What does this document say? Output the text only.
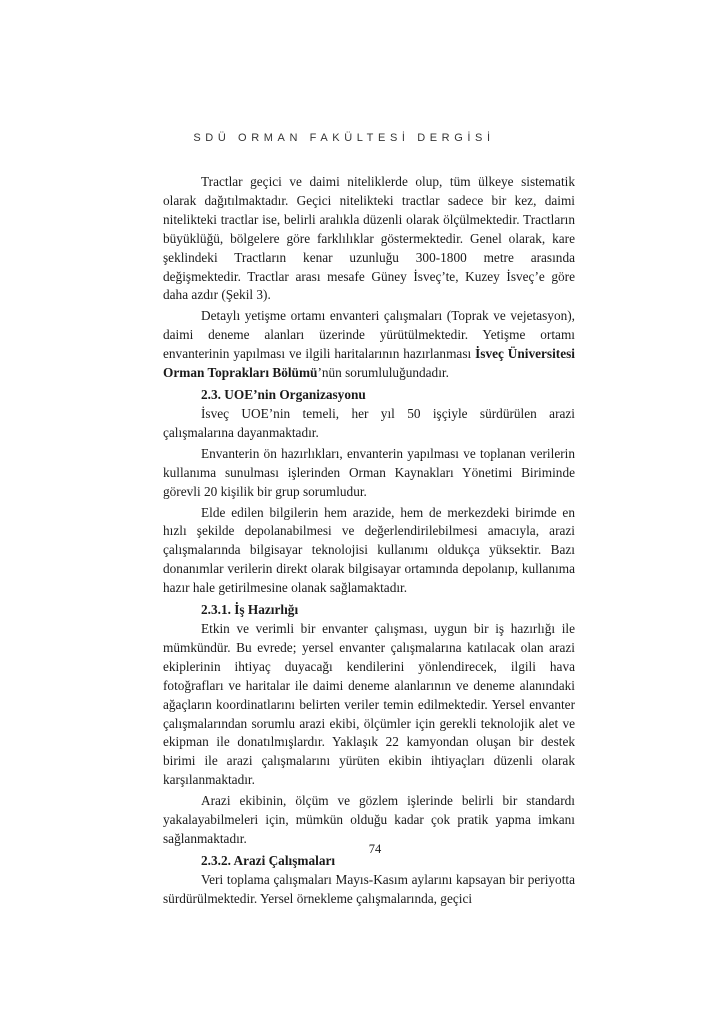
SDÜ ORMAN FAKÜLTESİ DERGİSİ

Tractlar geçici ve daimi niteliklerde olup, tüm ülkeye sistematik olarak dağıtılmaktadır. Geçici nitelikteki tractlar sadece bir kez, daimi nitelikteki tractlar ise, belirli aralıkla düzenli olarak ölçülmektedir. Tractların büyüklüğü, bölgelere göre farklılıklar göstermektedir. Genel olarak, kare şeklindeki Tractların kenar uzunluğu 300-1800 metre arasında değişmektedir. Tractlar arası mesafe Güney İsveç’te, Kuzey İsveç’e göre daha azdır (Şekil 3).

Detaylı yetişme ortamı envanteri çalışmaları (Toprak ve vejetasyon), daimi deneme alanları üzerinde yürütülmektedir. Yetişme ortamı envanterinin yapılması ve ilgili haritalarının hazırlanması İsveç Üniversitesi Orman Toprakları Bölümü’nün sorumluluğundadır.

2.3. UOE’nin Organizasyonu

İsveç UOE’nin temeli, her yıl 50 işçiyle sürdürülen arazi çalışmalarına dayanmaktadır.

Envanterin ön hazırlıkları, envanterin yapılması ve toplanan verilerin kullanıma sunulması işlerinden Orman Kaynakları Yönetimi Biriminde görevli 20 kişilik bir grup sorumludur.

Elde edilen bilgilerin hem arazide, hem de merkezdeki birimde en hızlı şekilde depolanabilmesi ve değerlendirilebilmesi amacıyla, arazi çalışmalarında bilgisayar teknolojisi kullanımı oldukça yüksektir. Bazı donanımlar verilerin direkt olarak bilgisayar ortamında depolanıp, kullanıma hazır hale getirilmesine olanak sağlamaktadır.

2.3.1. İş Hazırlığı

Etkin ve verimli bir envanter çalışması, uygun bir iş hazırlığı ile mümkündür. Bu evrede; yersel envanter çalışmalarına katılacak olan arazi ekiplerinin ihtiyaç duyacağı kendilerini yönlendirecek, ilgili hava fotoğrafları ve haritalar ile daimi deneme alanlarının ve deneme alanındaki ağaçların koordinatlarını belirten veriler temin edilmektedir. Yersel envanter çalışmalarından sorumlu arazi ekibi, ölçümler için gerekli teknolojik alet ve ekipman ile donatılmışlardır. Yaklaşık 22 kamyondan oluşan bir destek birimi ile arazi çalışmalarını yürüten ekibin ihtiyaçları düzenli olarak karşılanmaktadır.

Arazi ekibinin, ölçüm ve gözlem işlerinde belirli bir standardı yakalayabilmeleri için, mümkün olduğu kadar çok pratik yapma imkanı sağlanmaktadır.

2.3.2. Arazi Çalışmaları

Veri toplama çalışmaları Mayıs-Kasım aylarını kapsayan bir periyotta sürdürülmektedir. Yersel örnekleme çalışmalarında, geçici

74
